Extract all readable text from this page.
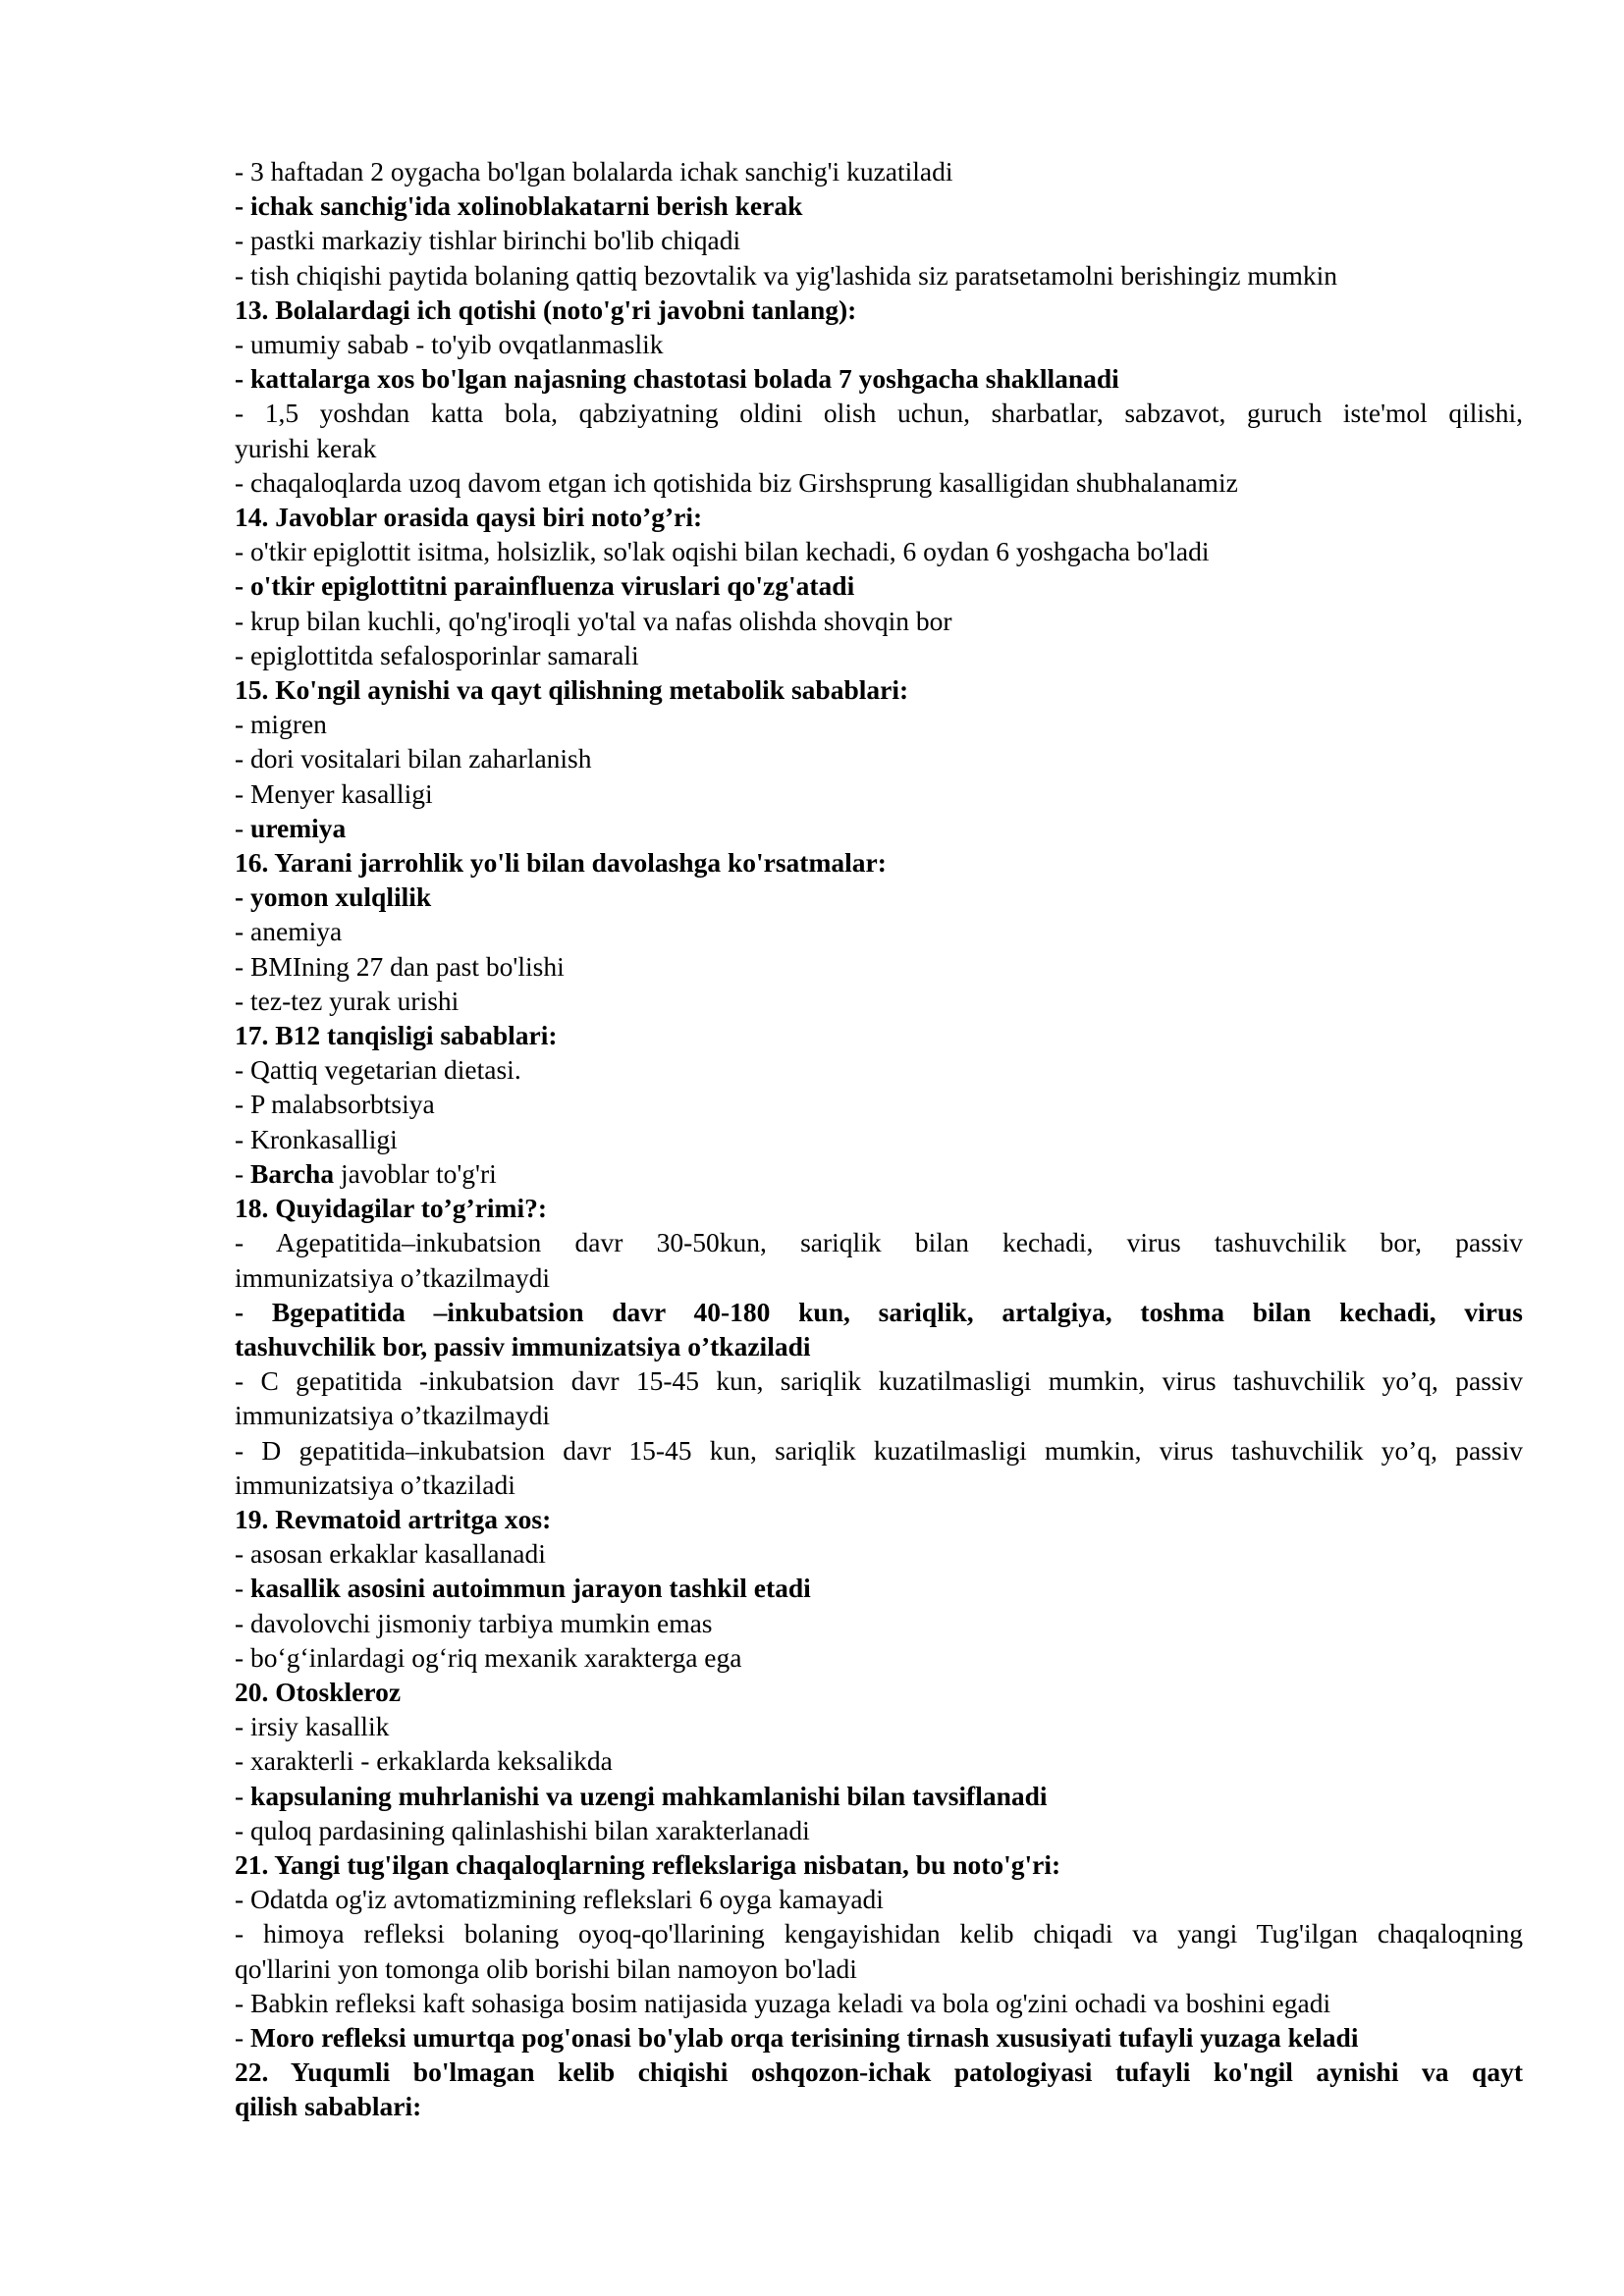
- 3 haftadan 2 oygacha bo'lgan bolalarda ichak sanchig'i kuzatiladi
- ichak sanchig'ida xolinoblakatarni berish kerak
- pastki markaziy tishlar birinchi bo'lib chiqadi
- tish chiqishi paytida bolaning qattiq bezovtalik va yig'lashida siz paratsetamolni berishingiz mumkin
13. Bolalardagi ich qotishi (noto'g'ri javobni tanlang):
- umumiy sabab - to'yib ovqatlanmaslik
- kattalarga xos bo'lgan najasning chastotasi bolada 7 yoshgacha shakllanadi
- 1,5 yoshdan katta bola, qabziyatning oldini olish uchun, sharbatlar, sabzavot, guruch iste'mol qilishi,
yurishi kerak
- chaqaloqlarda uzoq davom etgan ich qotishida biz Girshsprung kasalligidan shubhalanamiz
14. Javoblar orasida qaysi biri noto’g’ri:
- o'tkir epiglottit isitma, holsizlik, so'lak oqishi bilan kechadi, 6 oydan 6 yoshgacha bo'ladi
- o'tkir epiglottitni parainfluenza viruslari qo'zg'atadi
- krup bilan kuchli, qo'ng'iroqli yo'tal va nafas olishda shovqin bor
- epiglottitda sefalosporinlar samarali
15. Ko'ngil aynishi va qayt qilishning metabolik sabablari:
- migren
- dori vositalari bilan zaharlanish
- Menyer kasalligi
- uremiya
16. Yarani jarrohlik yo'li bilan davolashga ko'rsatmalar:
- yomon xulqlilik
- anemiya
- BMIning 27 dan past bo'lishi
- tez-tez yurak urishi
17. B12 tanqisligi sabablari:
- Qattiq vegetarian dietasi.
- P malabsorbtsiya
- Kronkasalligi
- Barcha javoblar to'g'ri
18. Quyidagilar to’g’rimi?:
- Agepatitida–inkubatsion davr 30-50kun, sariqlik bilan kechadi, virus tashuvchilik bor, passiv
immunizatsiya o’tkazilmaydi
- Bgepatitida –inkubatsion davr 40-180 kun, sariqlik, artalgiya, toshma bilan kechadi, virus
tashuvchilik bor, passiv immunizatsiya o’tkaziladi
- C gepatitida -inkubatsion davr 15-45 kun, sariqlik kuzatilmasligi mumkin, virus tashuvchilik yo’q, passiv
immunizatsiya o’tkazilmaydi
- D gepatitida–inkubatsion davr 15-45 kun, sariqlik kuzatilmasligi mumkin, virus tashuvchilik yo’q, passiv
immunizatsiya o’tkaziladi
19. Revmatoid artritga xos:
- asosan erkaklar kasallanadi
- kasallik asosini autoimmun jarayon tashkil etadi
- davolovchi jismoniy tarbiya mumkin emas
- bo‘g‘inlardagi og‘riq mexanik xarakterga ega
20. Otoskleroz
- irsiy kasallik
- xarakterli - erkaklarda keksalikda
- kapsulaning muhrlanishi va uzengi mahkamlanishi bilan tavsiflanadi
- quloq pardasining qalinlashishi bilan xarakterlanadi
21. Yangi tug'ilgan chaqaloqlarning reflekslariga nisbatan, bu noto'g'ri:
- Odatda og'iz avtomatizmining reflekslari 6 oyga kamayadi
- himoya refleksi bolaning oyoq-qo'llarining kengayishidan kelib chiqadi va yangi Tug'ilgan chaqaloqning
qo'llarini yon tomonga olib borishi bilan namoyon bo'ladi
- Babkin refleksi kaft sohasiga bosim natijasida yuzaga keladi va bola og'zini ochadi va boshini egadi
- Moro refleksi umurtqa pog'onasi bo'ylab orqa terisining tirnash xususiyati tufayli yuzaga keladi
22. Yuqumli bo'lmagan kelib chiqishi oshqozon-ichak patologiyasi tufayli ko'ngil aynishi va qayt
qilish sabablari:
